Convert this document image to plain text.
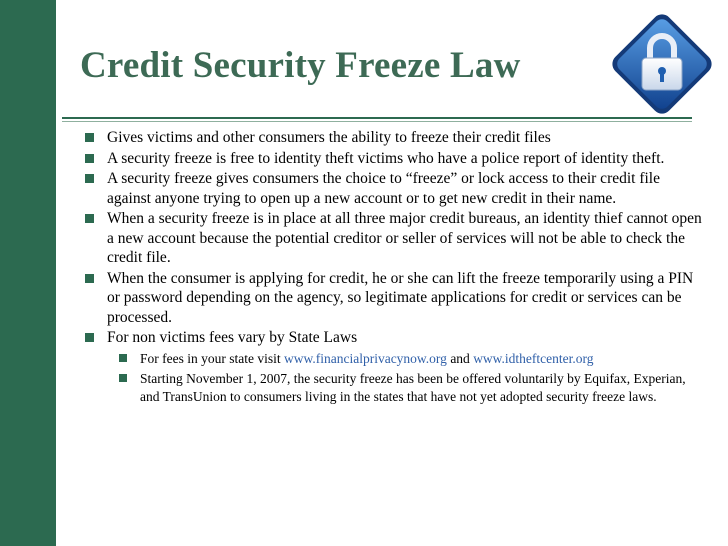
Credit Security Freeze Law
Gives victims and other consumers the ability to freeze their credit files
A security freeze is free to identity theft victims who have a police report of identity theft.
A security freeze gives consumers the choice to “freeze” or lock access to their credit file against anyone trying to open up a new account or to get new credit in their name.
When a security freeze is in place at all three major credit bureaus, an identity thief cannot open a new account because the potential creditor or seller of services will not be able to check the credit file.
When the consumer is applying for credit, he or she can lift the freeze temporarily using a PIN or password depending on the agency, so legitimate applications for credit or services can be processed.
For non victims fees vary by State Laws
For fees in your state visit www.financialprivacynow.org and www.idtheftcenter.org
Starting November 1, 2007, the security freeze has been be offered voluntarily by Equifax, Experian, and TransUnion to consumers living in the states that have not yet adopted security freeze laws.
